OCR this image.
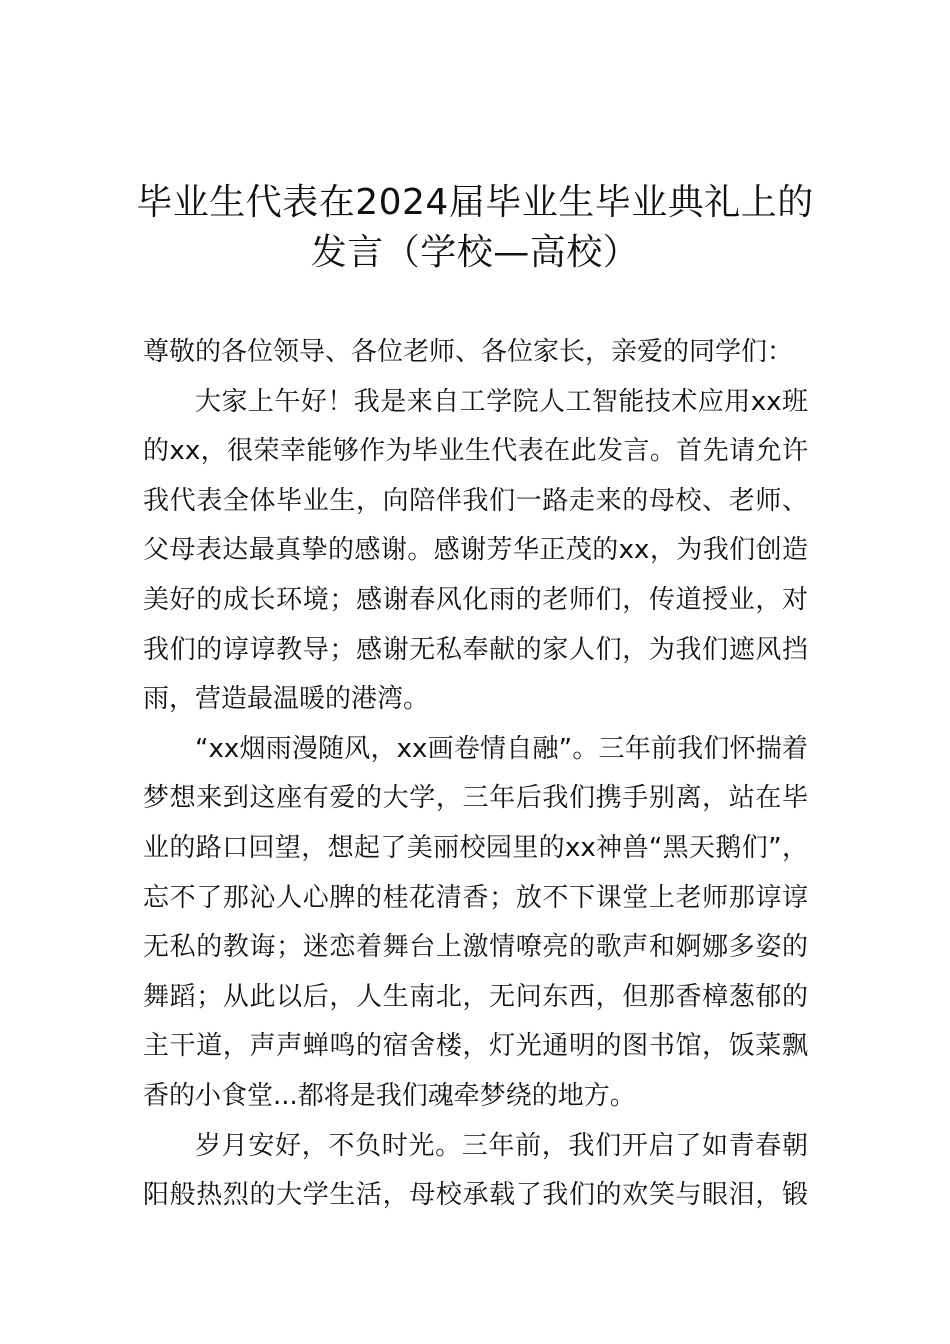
毕业生代表在2024届毕业生毕业典礼上的
发言（学校—高校）
尊敬的各位领导、各位老师、各位家长，亲爱的同学们：
大家上午好！我是来自工学院人工智能技术应用xx班
的xx，很荣幸能够作为毕业生代表在此发言。首先请允许
我代表全体毕业生，向陪伴我们一路走来的母校、老师、
父母表达最真挚的感谢。感谢芳华正茂的xx，为我们创造
美好的成长环境；感谢春风化雨的老师们，传道授业，对
我们的谆谆教导；感谢无私奉献的家人们，为我们遮风挡
雨，营造最温暖的港湾。
“xx烟雨漫随风，xx画卷情自融”。三年前我们怀揣着
梦想来到这座有爱的大学，三年后我们携手别离，站在毕
业的路口回望，想起了美丽校园里的xx神兽“黑天鹅们”，
忘不了那沁人心脾的桂花清香；放不下课堂上老师那谆谆
无私的教诲；迷恋着舞台上激情嘹亮的歌声和婀娜多姿的
舞蹈；从此以后，人生南北，无问东西，但那香樟葱郁的
主干道，声声蝉鸣的宿舍楼，灯光通明的图书馆，饭菜飘
香的小食堂...都将是我们魂牵梦绕的地方。
岁月安好，不负时光。三年前，我们开启了如青春朝
阳般热烈的大学生活，母校承载了我们的欢笑与眼泪，锻
